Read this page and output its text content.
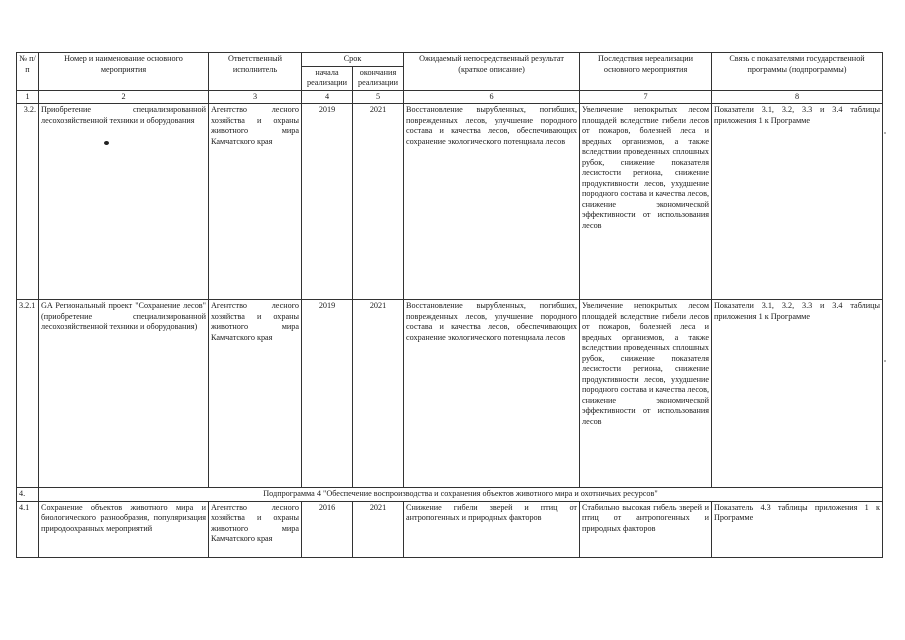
№ п/п	Номер и наименование основного мероприятия	Ответственный исполнитель	Срок		Ожидаемый непосредственный результат (краткое описание)	Последствия нереализации основного мероприятия	Связь с показателями государственной программы (подпрограммы)
			начала реализации	окончания реализации			
1	2	3	4	5	6	7	8
3.2.	Приобретение специализированной лесохозяйственной техники и оборудования	Агентство лесного хозяйства и охраны животного мира Камчатского края	2019	2021	Восстановление вырубленных, погибших, поврежденных лесов, улучшение породного состава и качества лесов, обеспечивающих сохранение экологического потенциала лесов	Увеличение непокрытых лесом площадей вследствие гибели лесов от пожаров, болезней леса и вредных организмов, а также вследствии проведенных сплошных рубок, снижение показателя лесистости региона, снижение продуктивности лесов, ухудшение породного состава и качества лесов, снижение экономической эффективности от использования лесов	Показатели 3.1, 3.2, 3.3 и 3.4 таблицы приложения 1 к Программе
3.2.1	GA Региональный проект "Сохранение лесов" (приобретение специализированной лесохозяйственной техники и оборудования)	Агентство лесного хозяйства и охраны животного мира Камчатского края	2019	2021	Восстановление вырубленных, погибших, поврежденных лесов, улучшение породного состава и качества лесов, обеспечивающих сохранение экологического потенциала лесов	Увеличение непокрытых лесом площадей вследствие гибели лесов от пожаров, болезней леса и вредных организмов, а также вследствии проведенных сплошных рубок, снижение показателя лесистости региона, снижение продуктивности лесов, ухудшение породного состава и качества лесов, снижение экономической эффективности от использования лесов	Показатели 3.1, 3.2, 3.3 и 3.4 таблицы приложения 1 к Программе
4.	Подпрограмма 4 "Обеспечение воспроизводства и сохранения объектов животного мира и охотничьих ресурсов"						
4.1	Сохранение объектов животного мира и биологического разнообразия, популяризация природоохранных мероприятий	Агентство лесного хозяйства и охраны животного мира Камчатского края	2016	2021	Снижение гибели зверей и птиц от антропогенных и природных факторов	Стабильно высокая гибель зверей и птиц от антропогенных и природных факторов	Показатель 4.3 таблицы приложения 1 к Программе
